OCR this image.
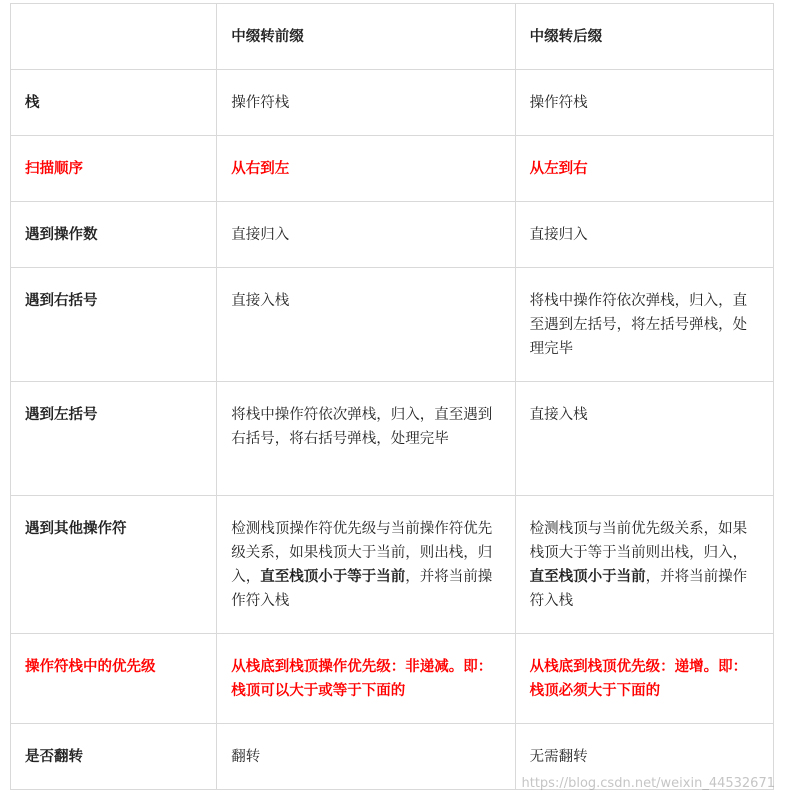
	中缀转前缀	中缀转后缀
栈	操作符栈	操作符栈
扫描顺序	从右到左	从左到右
遇到操作数	直接归入	直接归入
遇到右括号	直接入栈	将栈中操作符依次弹栈，归入，直至遇到左括号，将左括号弹栈，处理完毕
遇到左括号	将栈中操作符依次弹栈，归入，直至遇到右括号，将右括号弹栈，处理完毕	直接入栈
遇到其他操作符	检测栈顶操作符优先级与当前操作符优先级关系，如果栈顶大于当前，则出栈，归入，直至栈顶小于等于当前，并将当前操作符入栈	检测栈顶与当前优先级关系，如果栈顶大于等于当前则出栈，归入，直至栈顶小于当前，并将当前操作符入栈
操作符栈中的优先级	从栈底到栈顶操作优先级：非递减。即：栈顶可以大于或等于下面的	从栈底到栈顶优先级：递增。即：栈顶必须大于下面的
是否翻转	翻转	无需翻转
https://blog.csdn.net/weixin_44532671
